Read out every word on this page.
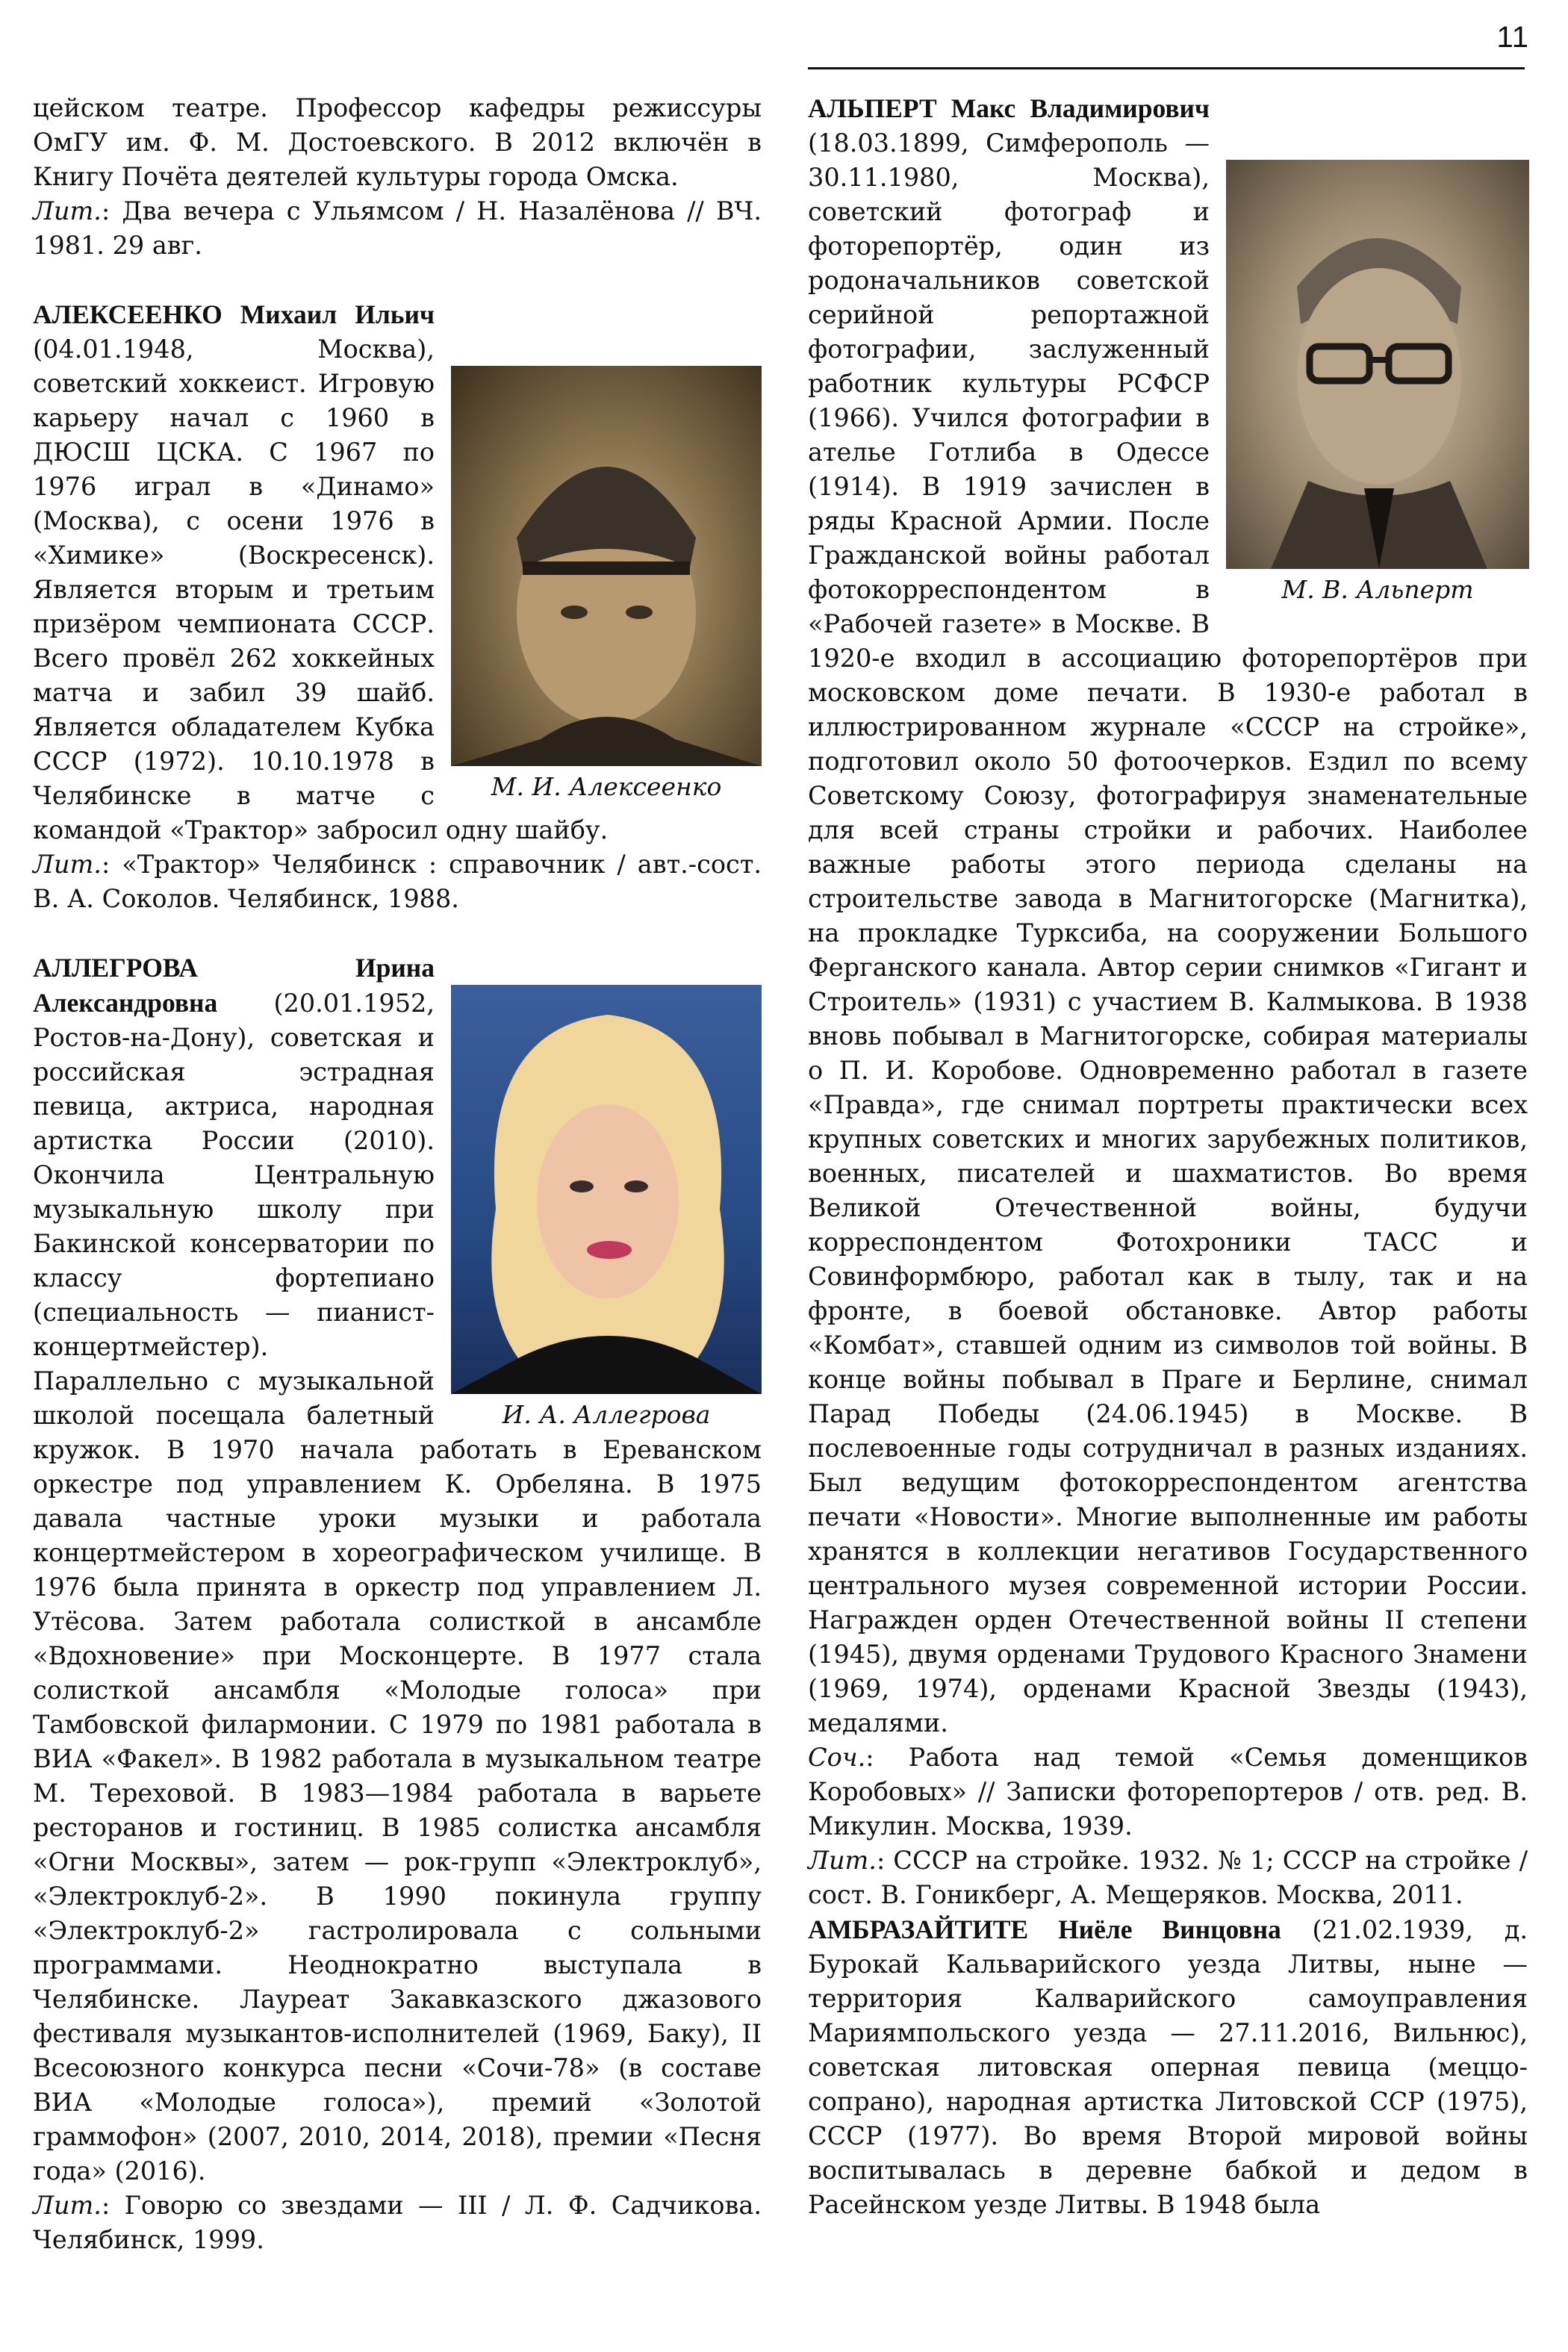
11

цейском театре. Профессор кафедры режиссуры ОмГУ им. Ф. М. Достоевского. В 2012 включён в Книгу Почёта деятелей культуры города Омска.

Лит.: Два вечера с Ульямсом / Н. Назалёнова // ВЧ. 1981. 29 авг.

М. И. Алексеенко
АЛЕКСЕЕНКО Михаил Ильич (04.01.1948, Москва), советский хоккеист. Игровую карьеру начал с 1960 в ДЮСШ ЦСКА. С 1967 по 1976 играл в «Динамо» (Москва), с осени 1976 в «Химике» (Воскресенск). Является вторым и третьим призёром чемпионата СССР. Всего провёл 262 хоккейных матча и забил 39 шайб. Является обладателем Кубка СССР (1972). 10.10.1978 в Челябинске в матче с командой «Трактор» забросил одну шайбу.

Лит.: «Трактор» Челябинск : справочник / авт.-сост. В. А. Соколов. Челябинск, 1988.

И. А. Аллегрова
АЛЛЕГРОВА Ирина Александровна (20.01.1952, Ростов-на-Дону), советская и российская эстрадная певица, актриса, народная артистка России (2010). Окончила Центральную музыкальную школу при Бакинской консерватории по классу фортепиано (специальность — пианист-концертмейстер). Параллельно с музыкальной школой посещала балетный кружок. В 1970 начала работать в Ереванском оркестре под управлением К. Орбеляна. В 1975 давала частные уроки музыки и работала концертмейстером в хореографическом училище. В 1976 была принята в оркестр под управлением Л. Утёсова. Затем работала солисткой в ансамбле «Вдохновение» при Москонцерте. В 1977 стала солисткой ансамбля «Молодые голоса» при Тамбовской филармонии. С 1979 по 1981 работала в ВИА «Факел». В 1982 работала в музыкальном театре М. Тереховой. В 1983—1984 работала в варьете ресторанов и гостиниц. В 1985 солистка ансамбля «Огни Москвы», затем — рок-групп «Электроклуб», «Электроклуб-2». В 1990 покинула группу «Электроклуб-2» гастролировала с сольными программами. Неоднократно выступала в Челябинске. Лауреат Закавказского джазового фестиваля музыкантов-исполнителей (1969, Баку), II Всесоюзного конкурса песни «Сочи-78» (в составе ВИА «Молодые голоса»), премий «Золотой граммофон» (2007, 2010, 2014, 2018), премии «Песня года» (2016).

Лит.: Говорю со звездами — III / Л. Ф. Садчикова. Челябинск, 1999.

М. В. Альперт
АЛЬПЕРТ Макс Владимирович (18.03.1899, Симферополь — 30.11.1980, Москва), советский фотограф и фоторепортёр, один из родоначальников советской серийной репортажной фотографии, заслуженный работник культуры РСФСР (1966). Учился фотографии в ателье Готлиба в Одессе (1914). В 1919 зачислен в ряды Красной Армии. После Гражданской войны работал фотокорреспондентом в «Рабочей газете» в Москве. В 1920-е входил в ассоциацию фоторепортёров при московском доме печати. В 1930-е работал в иллюстрированном журнале «СССР на стройке», подготовил около 50 фотоочерков. Ездил по всему Советскому Союзу, фотографируя знаменательные для всей страны стройки и рабочих. Наиболее важные работы этого периода сделаны на строительстве завода в Магнитогорске (Магнитка), на прокладке Турксиба, на сооружении Большого Ферганского канала. Автор серии снимков «Гигант и Строитель» (1931) с участием В. Калмыкова. В 1938 вновь побывал в Магнитогорске, собирая материалы о П. И. Коробове. Одновременно работал в газете «Правда», где снимал портреты практически всех крупных советских и многих зарубежных политиков, военных, писателей и шахматистов. Во время Великой Отечественной войны, будучи корреспондентом Фотохроники ТАСС и Совинформбюро, работал как в тылу, так и на фронте, в боевой обстановке. Автор работы «Комбат», ставшей одним из символов той войны. В конце войны побывал в Праге и Берлине, снимал Парад Победы (24.06.1945) в Москве. В послевоенные годы сотрудничал в разных изданиях. Был ведущим фотокорреспондентом агентства печати «Новости». Многие выполненные им работы хранятся в коллекции негативов Государственного центрального музея современной истории России. Награжден орден Отечественной войны II степени (1945), двумя орденами Трудового Красного Знамени (1969, 1974), орденами Красной Звезды (1943), медалями.

Соч.: Работа над темой «Семья доменщиков Коробовых» // Записки фоторепортеров / отв. ред. В. Микулин. Москва, 1939.

Лит.: СССР на стройке. 1932. № 1; СССР на стройке / сост. В. Гоникберг, А. Мещеряков. Москва, 2011.

АМБРАЗАЙТИТЕ Ниёле Винцовна (21.02.1939, д. Бурокай Кальварийского уезда Литвы, ныне — территория Калварийского самоуправления Мариямпольского уезда — 27.11.2016, Вильнюс), советская литовская оперная певица (меццо-сопрано), народная артистка Литовской ССР (1975), СССР (1977). Во время Второй мировой войны воспитывалась в деревне бабкой и дедом в Расейнском уезде Литвы. В 1948 была
